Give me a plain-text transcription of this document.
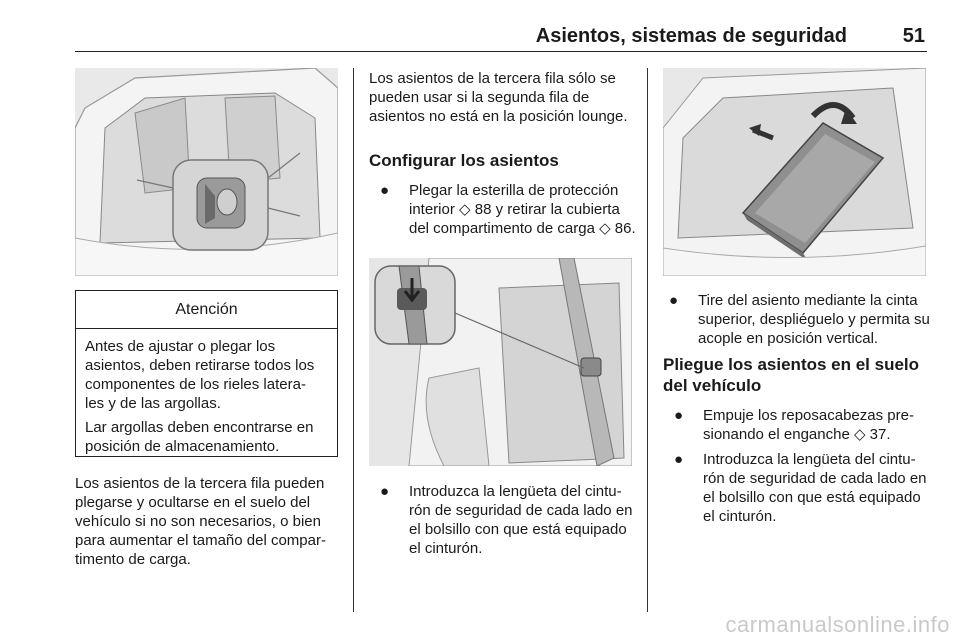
Asientos, sistemas de seguridad	51
Atención

Antes de ajustar o plegar los asientos, deben retirarse todos los componentes de los rieles latera- les y de las argollas.

Lar argollas deben encontrarse en posición de almacenamiento.

Los asientos de la tercera fila pueden plegarse y ocultarse en el suelo del vehículo si no son necesarios, o bien para aumentar el tamaño del compar- timento de carga.
Los asientos de la tercera fila sólo se pueden usar si la segunda fila de asientos no está en la posición lounge.
Configurar los asientos
● Plegar la esterilla de protección interior ◇ 88 y retirar la cubierta del compartimento de carga ◇ 86.
● Introduzca la lengüeta del cintu- rón de seguridad de cada lado en el bolsillo con que está equipado el cinturón.
● Tire del asiento mediante la cinta superior, despliéguelo y permita su acople en posición vertical.
Pliegue los asientos en el suelo del vehículo
● Empuje los reposacabezas pre- sionando el enganche ◇ 37.
● Introduzca la lengüeta del cintu- rón de seguridad de cada lado en el bolsillo con que está equipado el cinturón.
carmanualsonline.info
